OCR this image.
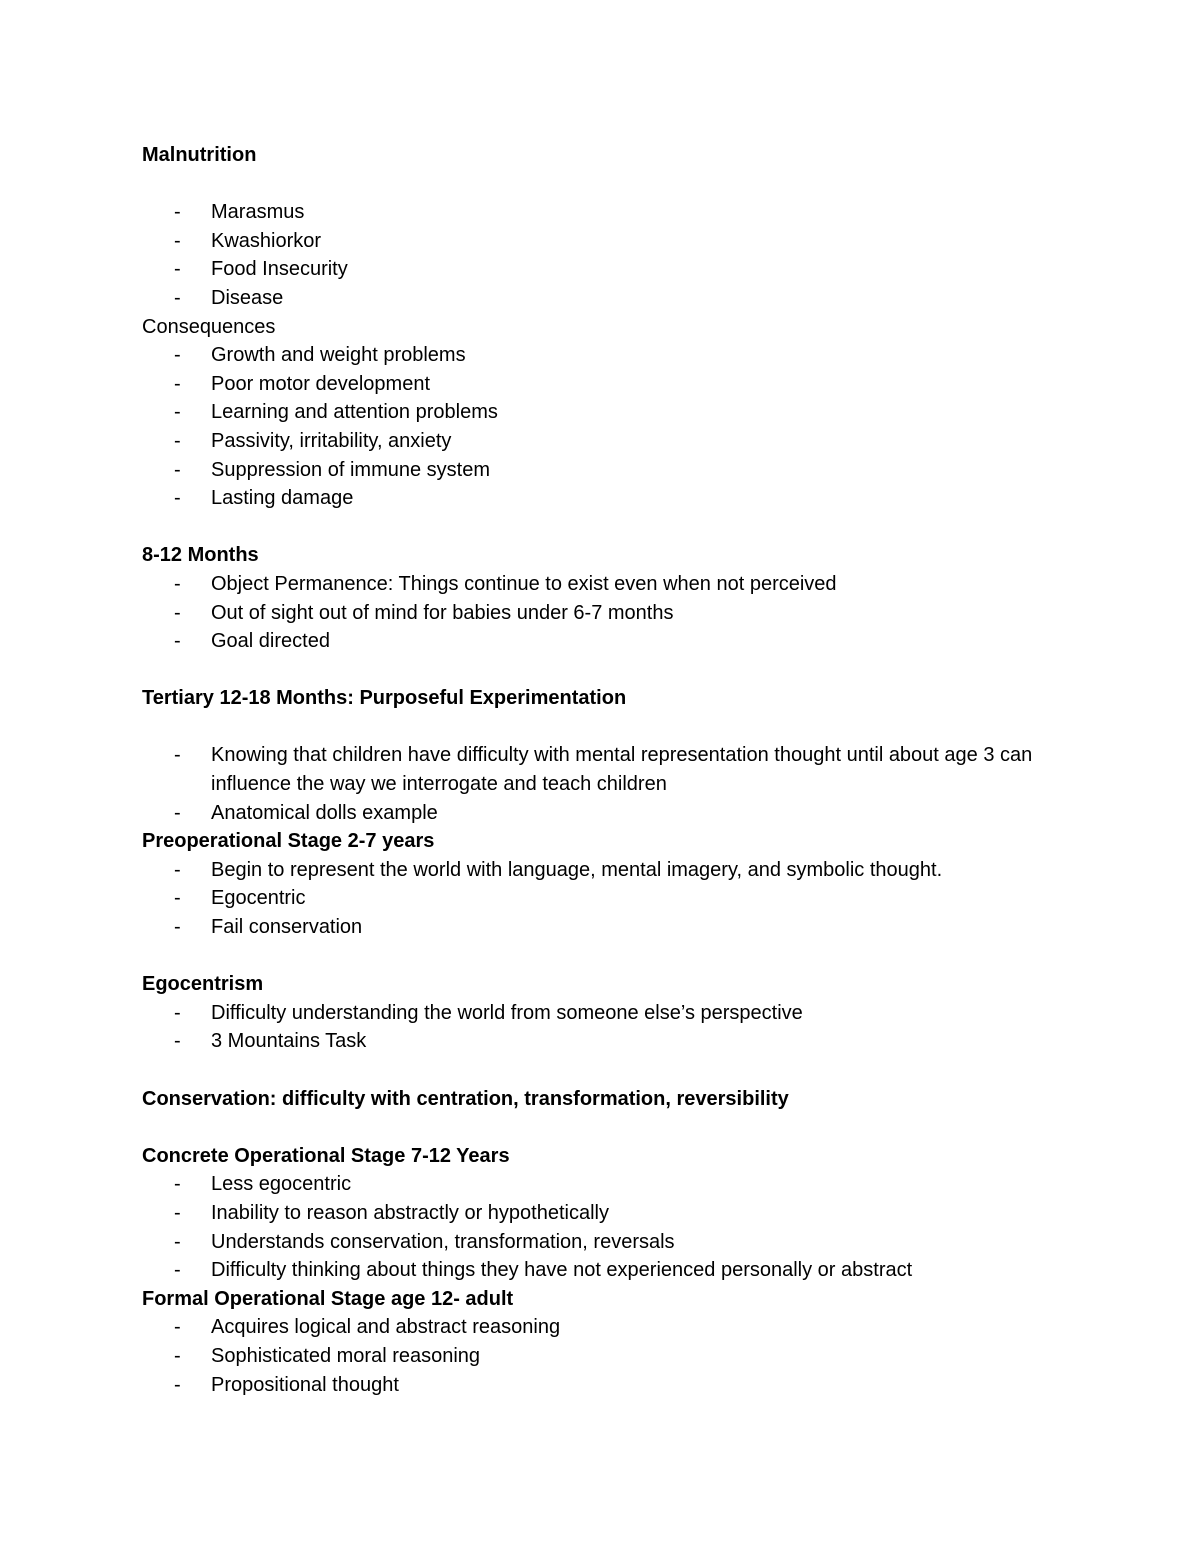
Malnutrition
- Marasmus
- Kwashiorkor
- Food Insecurity
- Disease
Consequences
- Growth and weight problems
- Poor motor development
- Learning and attention problems
- Passivity, irritability, anxiety
- Suppression of immune system
- Lasting damage
8-12 Months
- Object Permanence: Things continue to exist even when not perceived
- Out of sight out of mind for babies under 6-7 months
- Goal directed
Tertiary 12-18 Months: Purposeful Experimentation
- Knowing that children have difficulty with mental representation thought until about age 3 can influence the way we interrogate and teach children
- Anatomical dolls example
Preoperational Stage 2-7 years
- Begin to represent the world with language, mental imagery, and symbolic thought.
- Egocentric
- Fail conservation
Egocentrism
- Difficulty understanding the world from someone else’s perspective
- 3 Mountains Task
Conservation: difficulty with centration, transformation, reversibility
Concrete Operational Stage 7-12 Years
- Less egocentric
- Inability to reason abstractly or hypothetically
- Understands conservation, transformation, reversals
- Difficulty thinking about things they have not experienced personally or abstract
Formal Operational Stage age 12- adult
- Acquires logical and abstract reasoning
- Sophisticated moral reasoning
- Propositional thought
